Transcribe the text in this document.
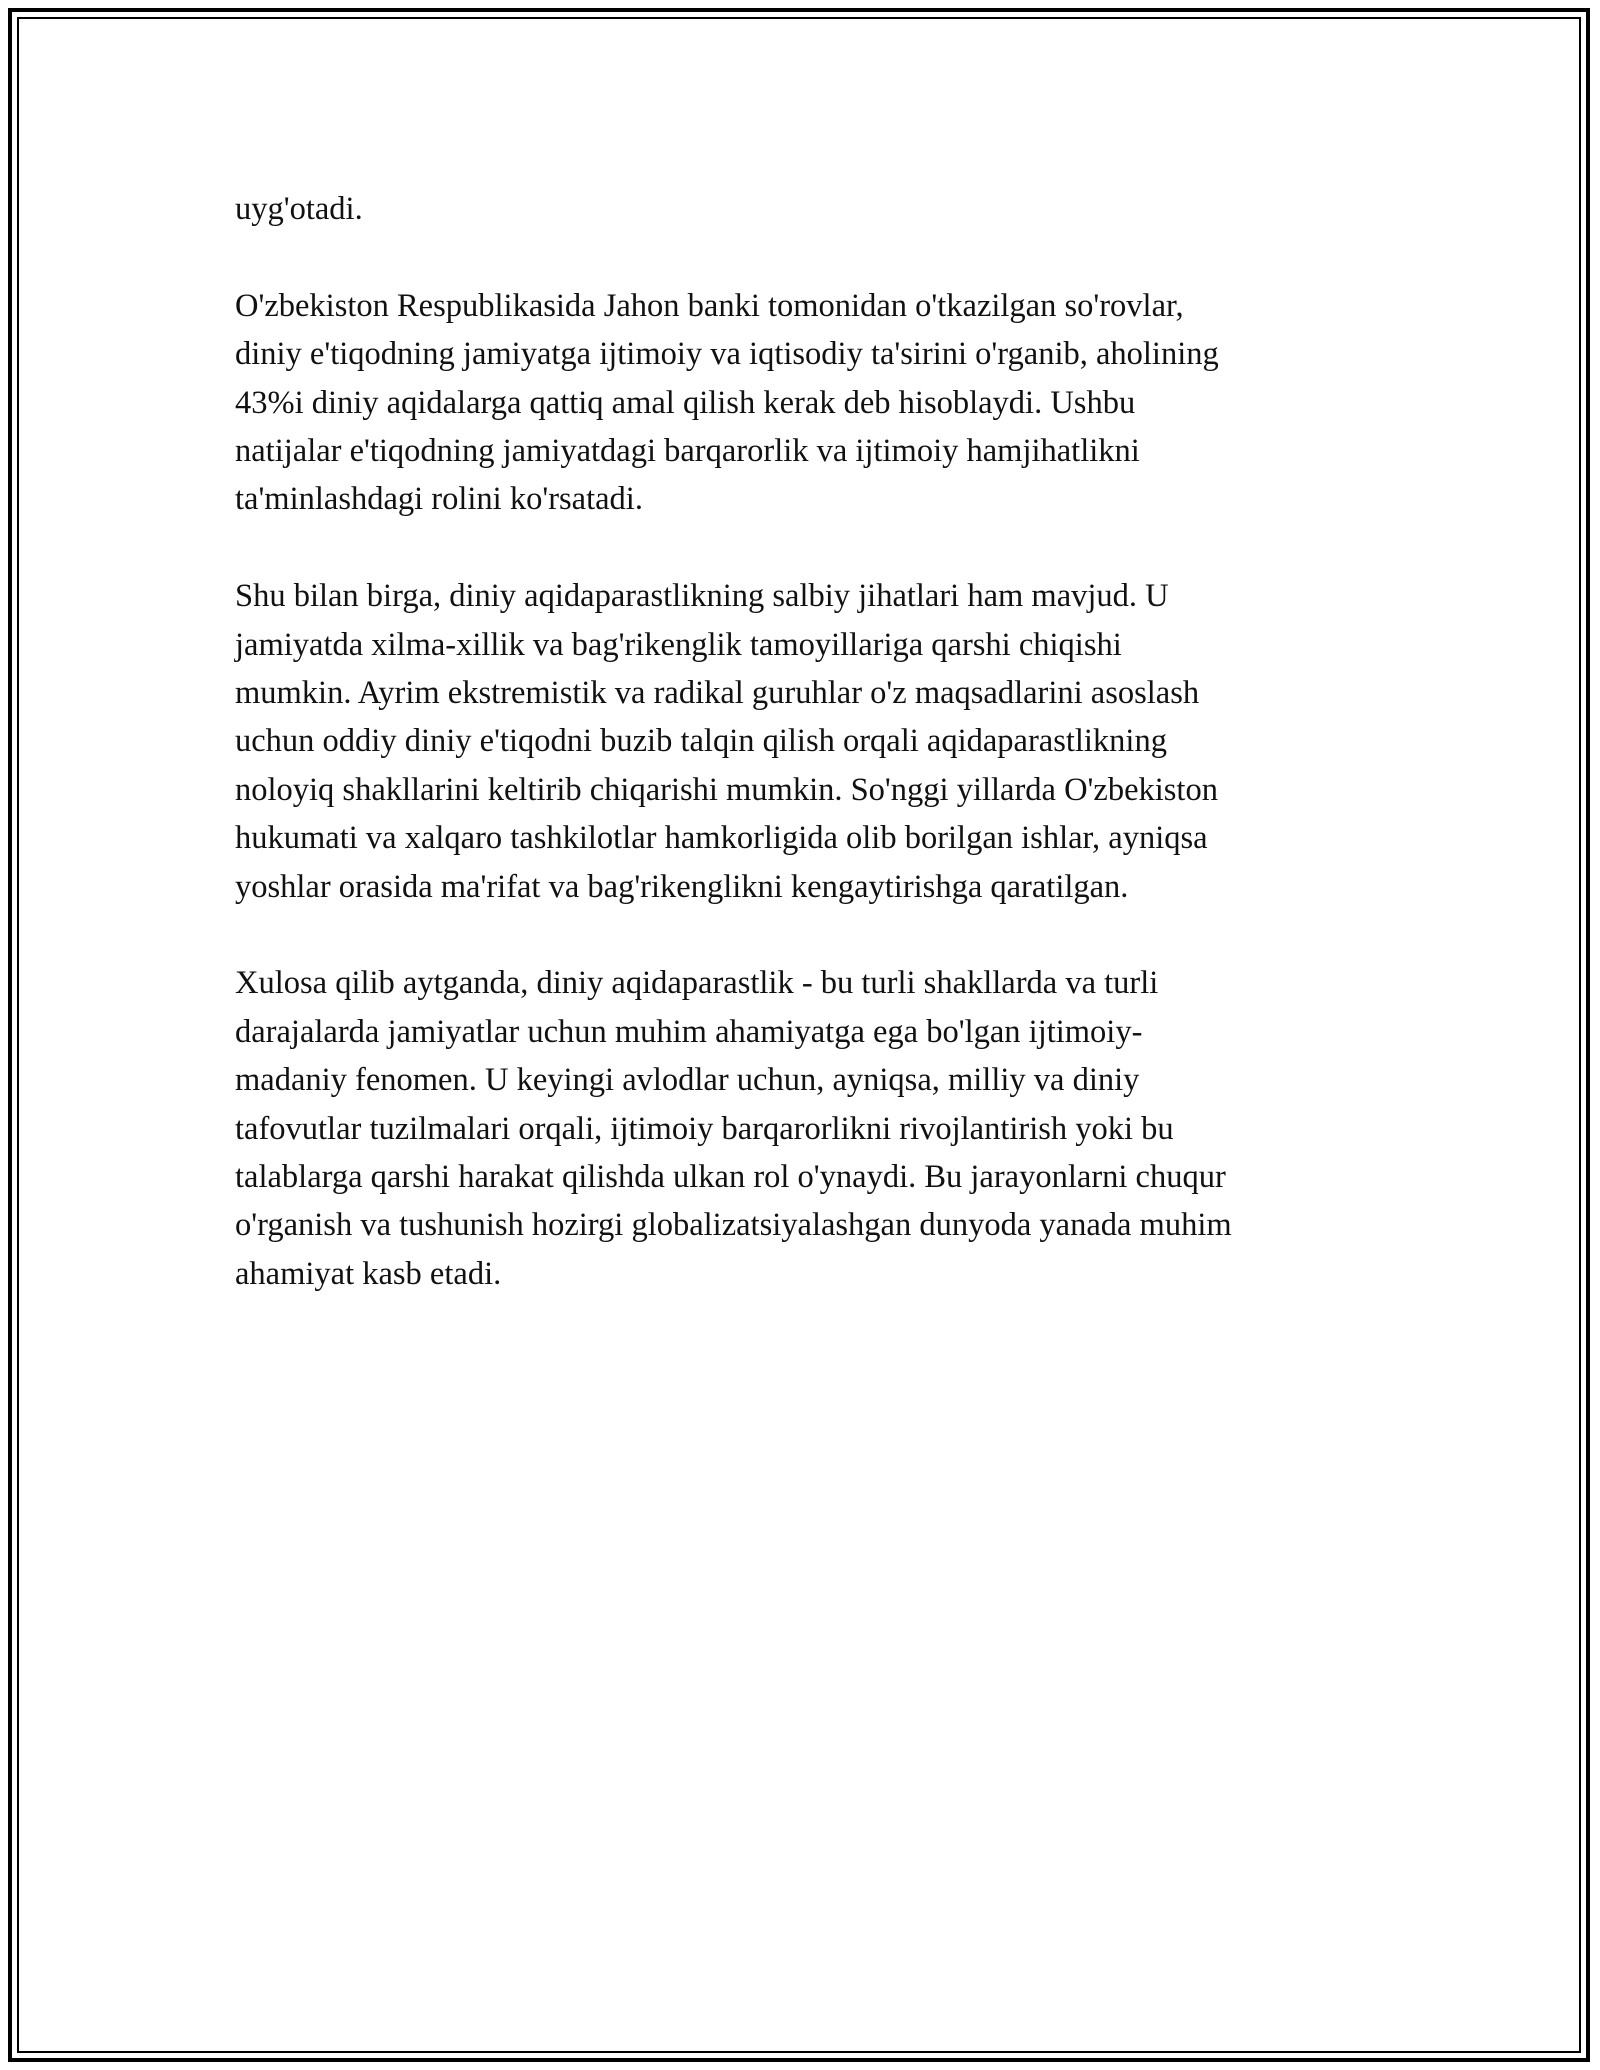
uyg'otadi.

O'zbekiston Respublikasida Jahon banki tomonidan o'tkazilgan so'rovlar,
diniy e'tiqodning jamiyatga ijtimoiy va iqtisodiy ta'sirini o'rganib, aholining
43%i diniy aqidalarga qattiq amal qilish kerak deb hisoblaydi. Ushbu
natijalar e'tiqodning jamiyatdagi barqarorlik va ijtimoiy hamjihatlikni
ta'minlashdagi rolini ko'rsatadi.

Shu bilan birga, diniy aqidaparastlikning salbiy jihatlari ham mavjud. U
jamiyatda xilma-xillik va bag'rikenglik tamoyillariga qarshi chiqishi
mumkin. Ayrim ekstremistik va radikal guruhlar o'z maqsadlarini asoslash
uchun oddiy diniy e'tiqodni buzib talqin qilish orqali aqidaparastlikning
noloyiq shakllarini keltirib chiqarishi mumkin. So'nggi yillarda O'zbekiston
hukumati va xalqaro tashkilotlar hamkorligida olib borilgan ishlar, ayniqsa
yoshlar orasida ma'rifat va bag'rikenglikni kengaytirishga qaratilgan.

Xulosa qilib aytganda, diniy aqidaparastlik - bu turli shakllarda va turli
darajalarda jamiyatlar uchun muhim ahamiyatga ega bo'lgan ijtimoiy-
madaniy fenomen. U keyingi avlodlar uchun, ayniqsa, milliy va diniy
tafovutlar tuzilmalari orqali, ijtimoiy barqarorlikni rivojlantirish yoki bu
talablarga qarshi harakat qilishda ulkan rol o'ynaydi. Bu jarayonlarni chuqur
o'rganish va tushunish hozirgi globalizatsiyalashgan dunyoda yanada muhim
ahamiyat kasb etadi.
